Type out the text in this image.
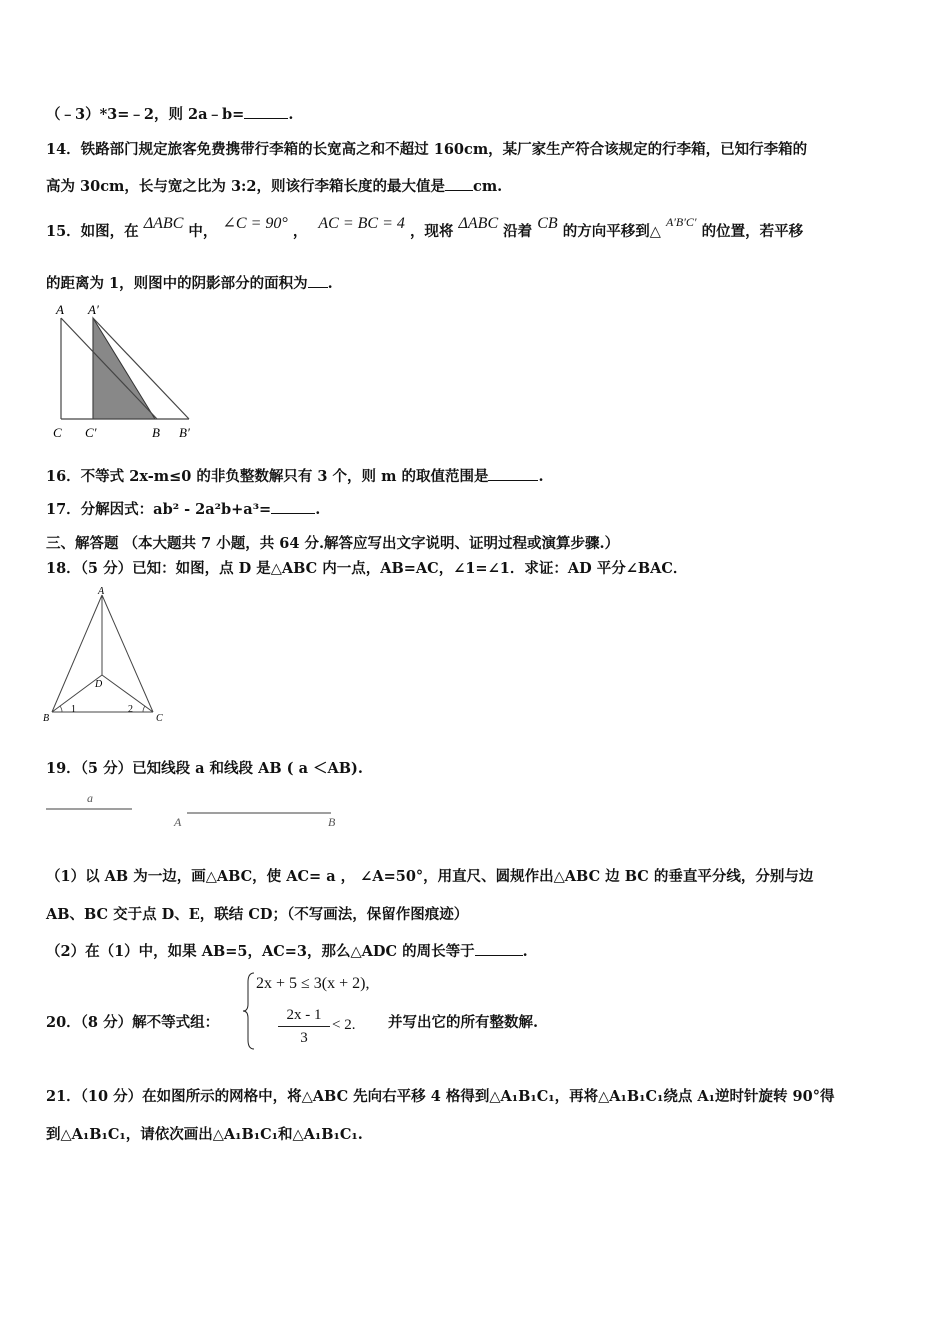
（﹣3）*3=﹣2，则 2a﹣b=	.
14．铁路部门规定旅客免费携带行李箱的长宽高之和不超过 160cm，某厂家生产符合该规定的行李箱，已知行李箱的
高为 30cm，长与宽之比为 3:2，则该行李箱长度的最大值是 cm.
15．如图，在 ΔABC 中， ∠C = 90° ， AC = BC = 4 ，现将 ΔABC 沿着 CB 的方向平移到△ $^{A'B'C'}$ 的位置，若平移
的距离为 1，则图中的阴影部分的面积为 .
A A′
C C′	B B′
16．不等式 2x-m≤0 的非负整数解只有 3 个，则 m 的取值范围是	.
17．分解因式：ab² - 2a²b+a³=	.
三、解答题 （本大题共 7 小题，共 64 分.解答应写出文字说明、证明过程或演算步骤.）
18．（5 分）已知：如图，点 D 是△ABC 内一点，AB=AC，∠1=∠1．求证：AD 平分∠BAC．
A
B	C
D
1	2
19．（5 分）已知线段 a 和线段 AB ( a ＜AB).
a
A	B
（1）以 AB 为一边，画△ABC，使 AC= a ， ∠A=50°，用直尺、圆规作出△ABC 边 BC 的垂直平分线，分别与边
AB、BC 交于点 D、E，联结 CD；（不写画法，保留作图痕迹）
（2）在（1）中，如果 AB=5，AC=3，那么△ADC 的周长等于	.
20．（8 分）解不等式组：
2x + 5 ≤ 3(x + 2),
2x - 1
3
< 2. 并写出它的所有整数解.
21．（10 分）在如图所示的网格中，将△ABC 先向右平移 4 格得到△A₁B₁C₁，再将△A₁B₁C₁绕点 A₁逆时针旋转 90°得
到△A₁B₁C₁，请依次画出△A₁B₁C₁和△A₁B₁C₁.
